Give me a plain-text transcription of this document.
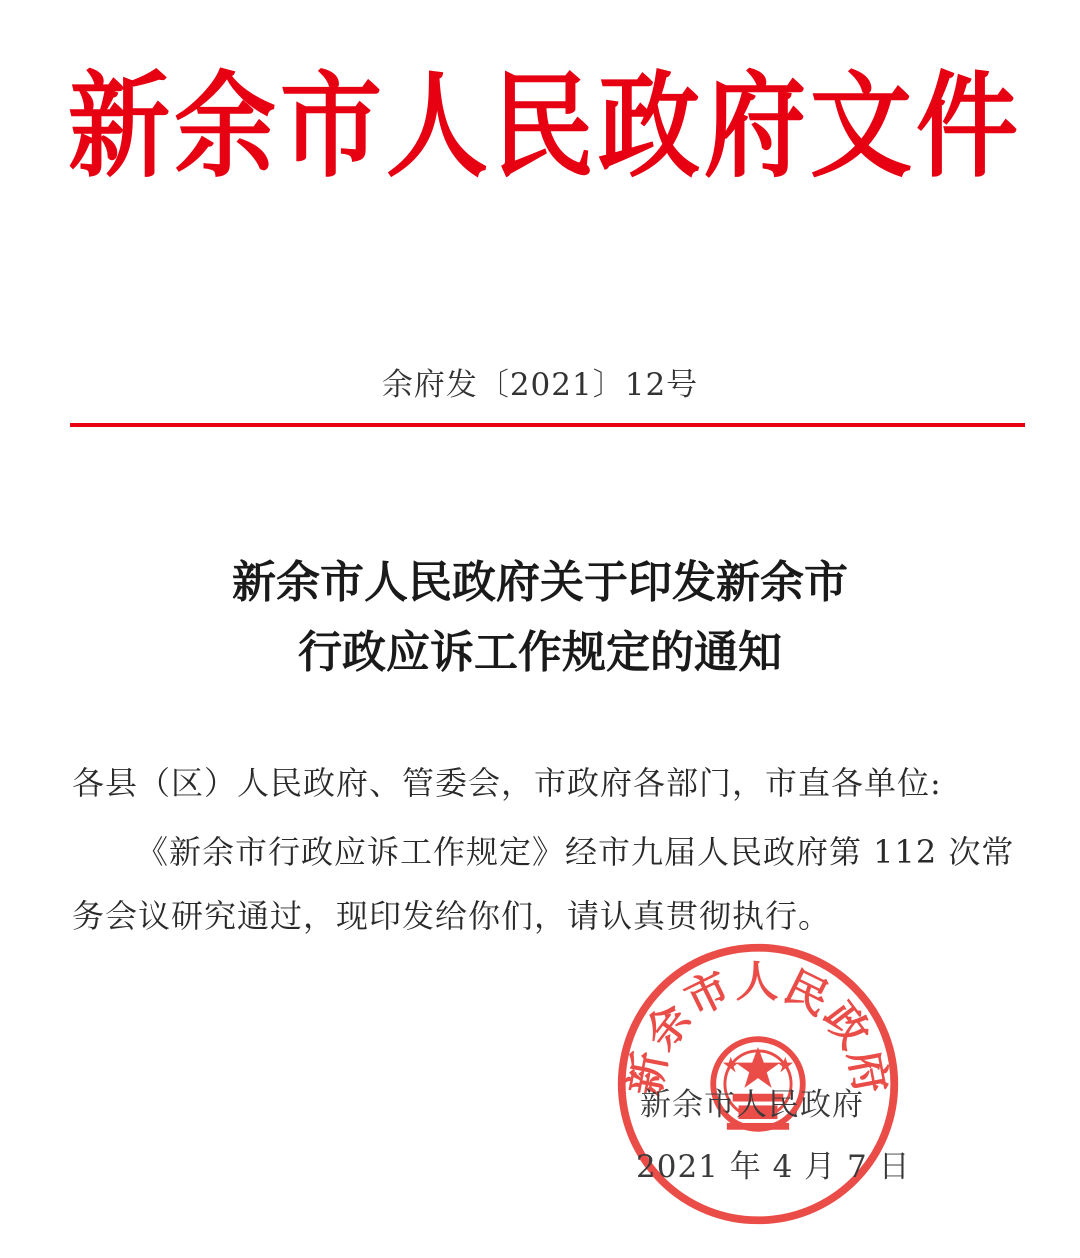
新余市人民政府文件
余府发〔2021〕12号
新余市人民政府关于印发新余市
行政应诉工作规定的通知
各县（区）人民政府、管委会，市政府各部门，市直各单位:
《新余市行政应诉工作规定》经市九届人民政府第 112 次常务会议研究通过，现印发给你们，请认真贯彻执行。
新余市人民政府
新余市人民政府
2021 年 4 月 7 日
